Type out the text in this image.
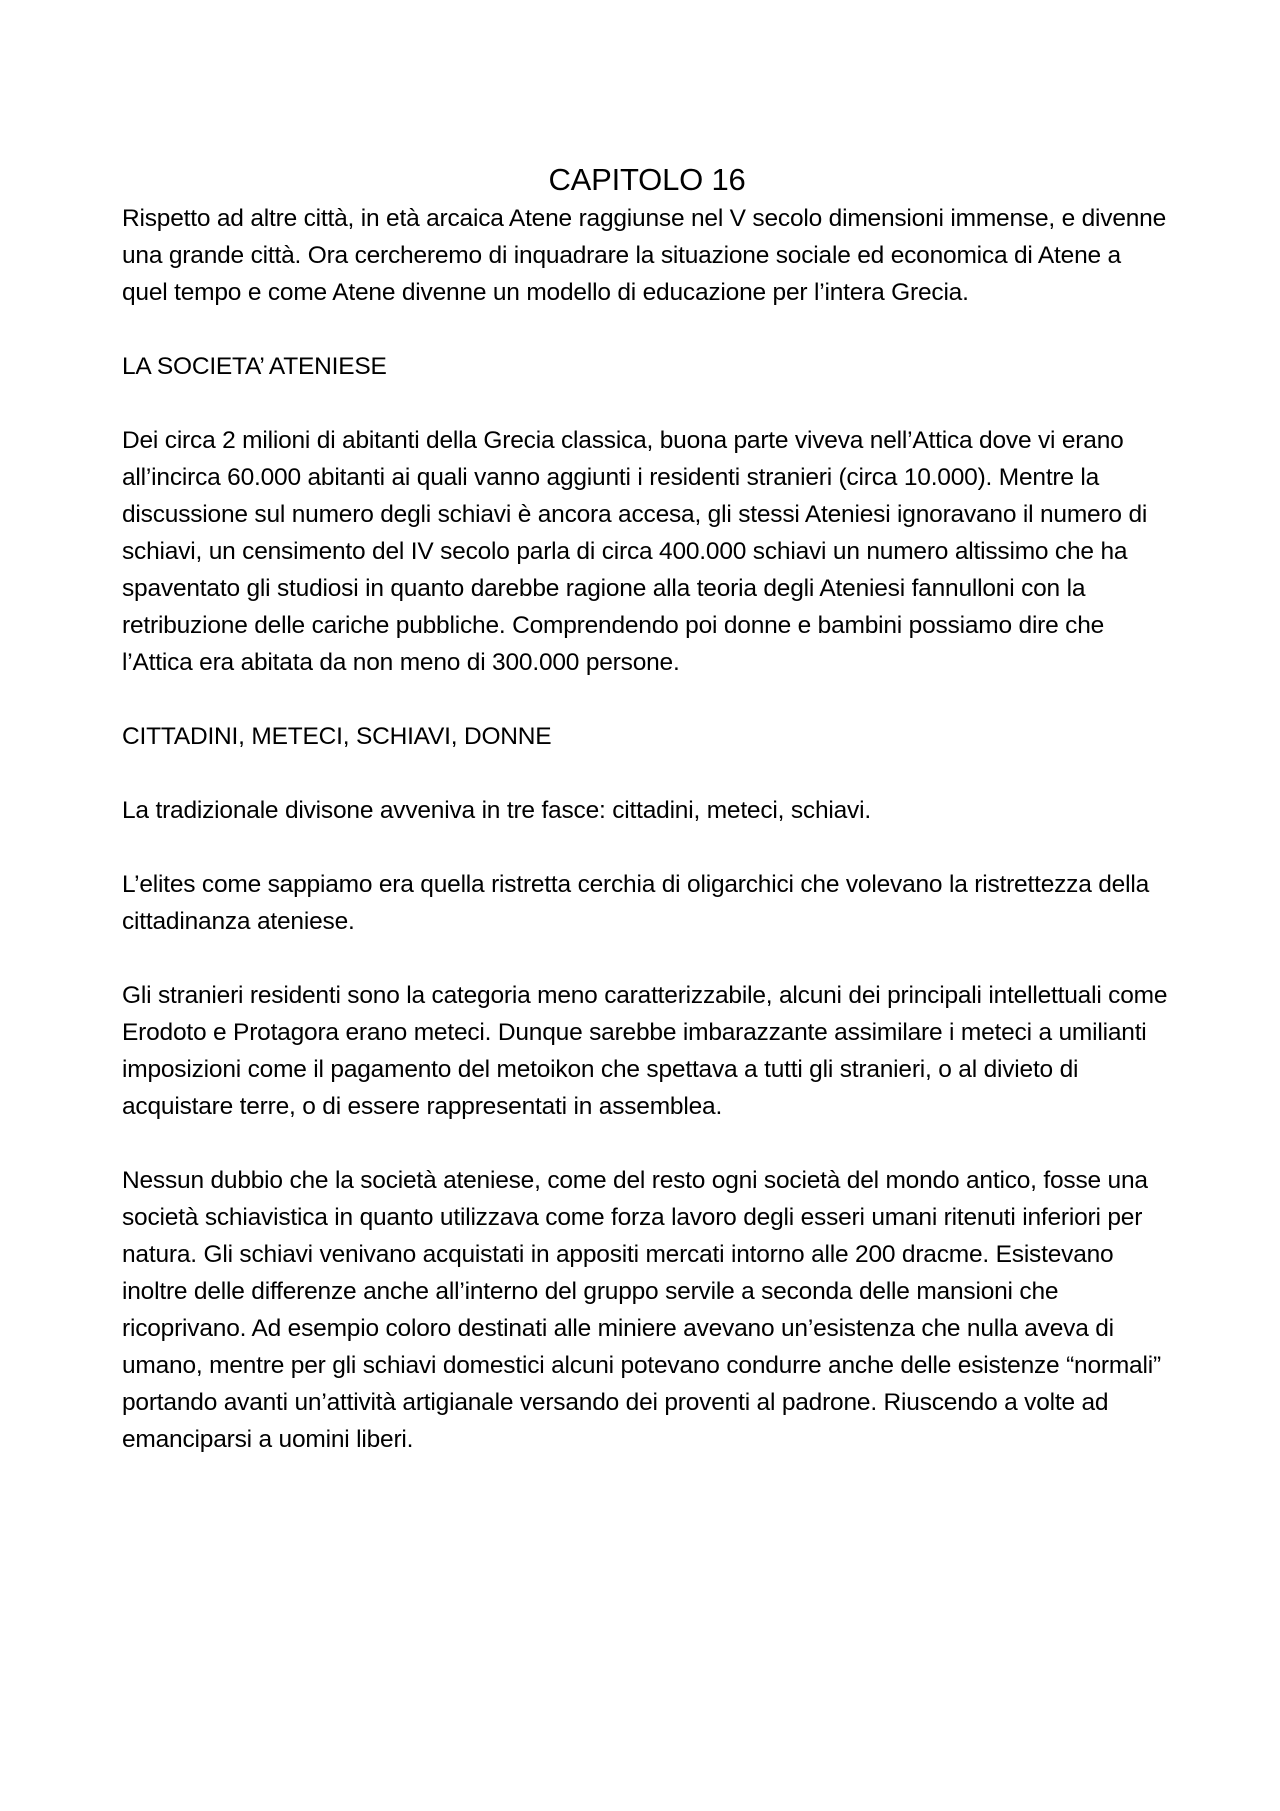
CAPITOLO 16

Rispetto ad altre città, in età arcaica Atene raggiunse nel V secolo dimensioni immense, e divenne una grande città. Ora cercheremo di inquadrare la situazione sociale ed economica di Atene a quel tempo e come Atene divenne un modello di educazione per l’intera Grecia.

LA SOCIETA’ ATENIESE

Dei circa 2 milioni di abitanti della Grecia classica, buona parte viveva nell’Attica dove vi erano all’incirca 60.000 abitanti ai quali vanno aggiunti i residenti stranieri (circa 10.000). Mentre la discussione sul numero degli schiavi è ancora accesa, gli stessi Ateniesi ignoravano il numero di schiavi, un censimento del IV secolo parla di circa 400.000 schiavi un numero altissimo che ha spaventato gli studiosi in quanto darebbe ragione alla teoria degli Ateniesi fannulloni con la retribuzione delle cariche pubbliche. Comprendendo poi donne e bambini possiamo dire che l’Attica era abitata da non meno di 300.000 persone.

CITTADINI, METECI, SCHIAVI, DONNE

La tradizionale divisone avveniva in tre fasce: cittadini, meteci, schiavi.

L’elites come sappiamo era quella ristretta cerchia di oligarchici che volevano la ristrettezza della cittadinanza ateniese.

Gli stranieri residenti sono la categoria meno caratterizzabile, alcuni dei principali intellettuali come Erodoto e Protagora erano meteci. Dunque sarebbe imbarazzante assimilare i meteci a umilianti imposizioni come il pagamento del metoikon che spettava a tutti gli stranieri, o al divieto di acquistare terre, o di essere rappresentati in assemblea.

Nessun dubbio che la società ateniese, come del resto ogni società del mondo antico, fosse una società schiavistica in quanto utilizzava come forza lavoro degli esseri umani ritenuti inferiori per natura. Gli schiavi venivano acquistati in appositi mercati intorno alle 200 dracme. Esistevano inoltre delle differenze anche all’interno del gruppo servile a seconda delle mansioni che ricoprivano. Ad esempio coloro destinati alle miniere avevano un’esistenza che nulla aveva di umano, mentre per gli schiavi domestici alcuni potevano condurre anche delle esistenze “normali” portando avanti un’attività artigianale versando dei proventi al padrone. Riuscendo a volte ad emanciparsi a uomini liberi.
